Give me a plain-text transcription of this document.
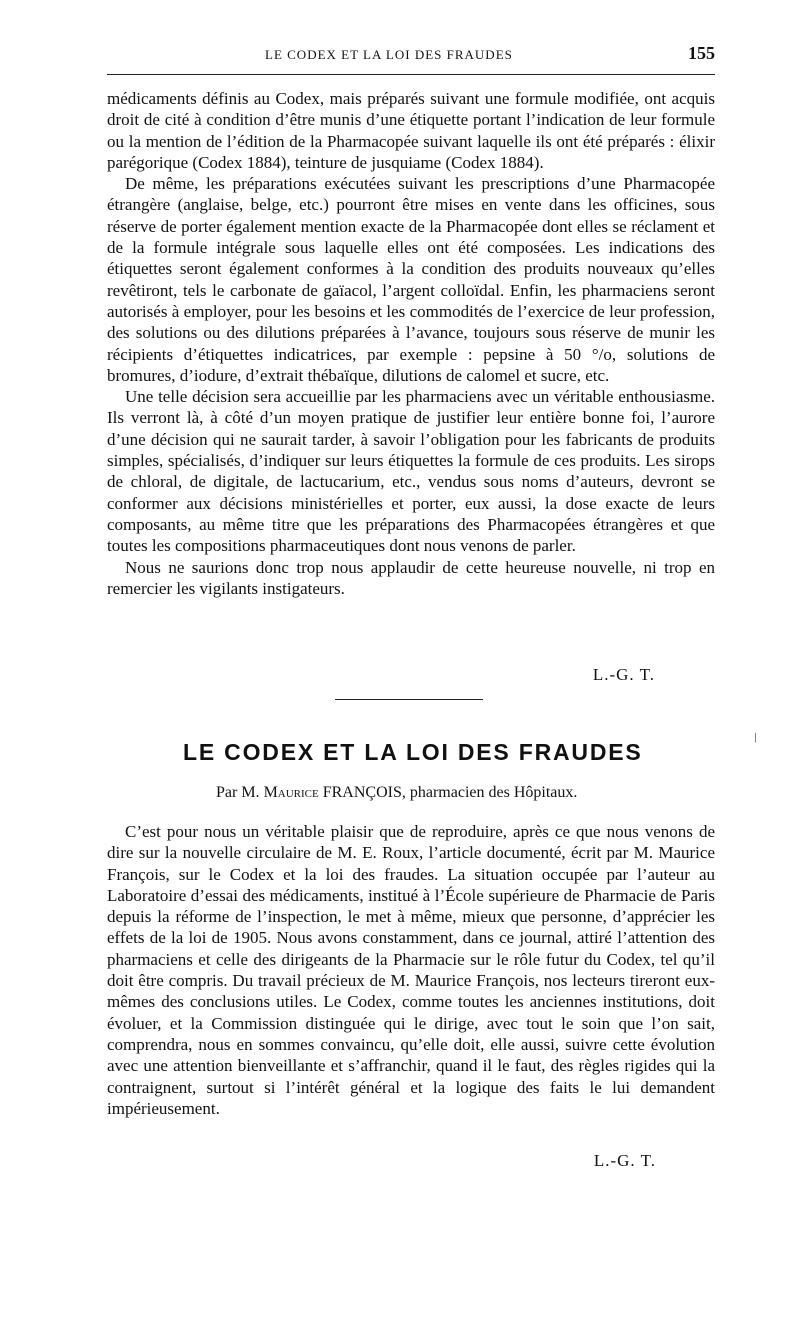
LE CODEX ET LA LOI DES FRAUDES	155

médicaments définis au Codex, mais préparés suivant une formule modifiée, ont acquis droit de cité à condition d’être munis d’une étiquette portant l’indication de leur formule ou la mention de l’édition de la Pharmacopée suivant laquelle ils ont été préparés : élixir parégorique (Codex 1884), teinture de jusquiame (Codex 1884).

De même, les préparations exécutées suivant les prescriptions d’une Pharmacopée étrangère (anglaise, belge, etc.) pourront être mises en vente dans les officines, sous réserve de porter également mention exacte de la Pharmacopée dont elles se réclament et de la formule intégrale sous laquelle elles ont été composées. Les indications des étiquettes seront également conformes à la condition des produits nouveaux qu’elles revêtiront, tels le carbonate de gaïacol, l’argent colloïdal. Enfin, les pharmaciens seront autorisés à employer, pour les besoins et les commodités de l’exercice de leur profession, des solutions ou des dilutions préparées à l’avance, toujours sous réserve de munir les récipients d’étiquettes indicatrices, par exemple : pepsine à 50 °/o, solutions de bromures, d’iodure, d’extrait thébaïque, dilutions de calomel et sucre, etc.

Une telle décision sera accueillie par les pharmaciens avec un véritable enthousiasme. Ils verront là, à côté d’un moyen pratique de justifier leur entière bonne foi, l’aurore d’une décision qui ne saurait tarder, à savoir l’obligation pour les fabricants de produits simples, spécialisés, d’indiquer sur leurs étiquettes la formule de ces produits. Les sirops de chloral, de digitale, de lactucarium, etc., vendus sous noms d’auteurs, devront se conformer aux décisions ministérielles et porter, eux aussi, la dose exacte de leurs composants, au même titre que les préparations des Pharmacopées étrangères et que toutes les compositions pharmaceutiques dont nous venons de parler.

Nous ne saurions donc trop nous applaudir de cette heureuse nouvelle, ni trop en remercier les vigilants instigateurs.

L.-G. T.
LE CODEX ET LA LOI DES FRAUDES
/
Par M. Maurice FRANÇOIS, pharmacien des Hôpitaux.

C’est pour nous un véritable plaisir que de reproduire, après ce que nous venons de dire sur la nouvelle circulaire de M. E. Roux, l’article documenté, écrit par M. Maurice François, sur le Codex et la loi des fraudes. La situation occupée par l’auteur au Laboratoire d’essai des médicaments, institué à l’École supérieure de Pharmacie de Paris depuis la réforme de l’inspection, le met à même, mieux que personne, d’apprécier les effets de la loi de 1905. Nous avons constamment, dans ce journal, attiré l’attention des pharmaciens et celle des dirigeants de la Pharmacie sur le rôle futur du Codex, tel qu’il doit être compris. Du travail précieux de M. Maurice François, nos lecteurs tireront eux-mêmes des conclusions utiles. Le Codex, comme toutes les anciennes institutions, doit évoluer, et la Commission distinguée qui le dirige, avec tout le soin que l’on sait, comprendra, nous en sommes convaincu, qu’elle doit, elle aussi, suivre cette évolution avec une attention bienveillante et s’affranchir, quand il le faut, des règles rigides qui la contraignent, surtout si l’intérêt général et la logique des faits le lui demandent impérieusement.

L.-G. T.
